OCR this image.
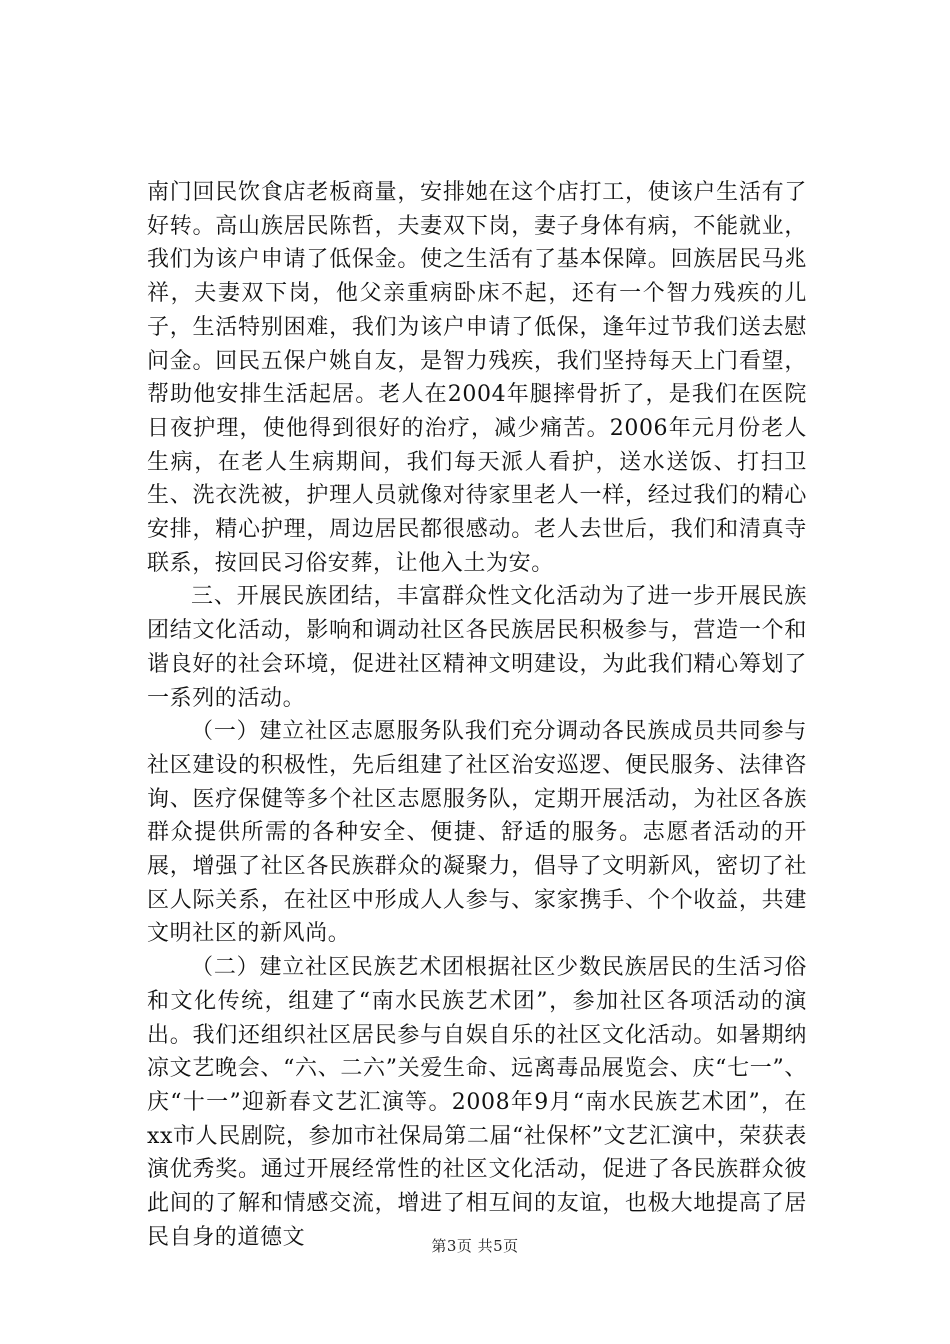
南门回民饮食店老板商量，安排她在这个店打工，使该户生活有了好转。高山族居民陈哲，夫妻双下岗，妻子身体有病，不能就业，我们为该户申请了低保金。使之生活有了基本保障。回族居民马兆祥，夫妻双下岗，他父亲重病卧床不起，还有一个智力残疾的儿子，生活特别困难，我们为该户申请了低保，逢年过节我们送去慰问金。回民五保户姚自友，是智力残疾，我们坚持每天上门看望，帮助他安排生活起居。老人在2004年腿摔骨折了，是我们在医院日夜护理，使他得到很好的治疗，减少痛苦。2006年元月份老人生病，在老人生病期间，我们每天派人看护，送水送饭、打扫卫生、洗衣洗被，护理人员就像对待家里老人一样，经过我们的精心安排，精心护理，周边居民都很感动。老人去世后，我们和清真寺联系，按回民习俗安葬，让他入土为安。

三、开展民族团结，丰富群众性文化活动为了进一步开展民族团结文化活动，影响和调动社区各民族居民积极参与，营造一个和谐良好的社会环境，促进社区精神文明建设，为此我们精心筹划了一系列的活动。

（一）建立社区志愿服务队我们充分调动各民族成员共同参与社区建设的积极性，先后组建了社区治安巡逻、便民服务、法律咨询、医疗保健等多个社区志愿服务队，定期开展活动，为社区各族群众提供所需的各种安全、便捷、舒适的服务。志愿者活动的开展，增强了社区各民族群众的凝聚力，倡导了文明新风，密切了社区人际关系，在社区中形成人人参与、家家携手、个个收益，共建文明社区的新风尚。

（二）建立社区民族艺术团根据社区少数民族居民的生活习俗和文化传统，组建了“南水民族艺术团”，参加社区各项活动的演出。我们还组织社区居民参与自娱自乐的社区文化活动。如暑期纳凉文艺晚会、“六、二六”关爱生命、远离毒品展览会、庆“七一”、庆“十一”迎新春文艺汇演等。2008年9月“南水民族艺术团”，在xx市人民剧院，参加市社保局第二届“社保杯”文艺汇演中，荣获表演优秀奖。通过开展经常性的社区文化活动，促进了各民族群众彼此间的了解和情感交流，增进了相互间的友谊，也极大地提高了居民自身的道德文	第3页 共5页
